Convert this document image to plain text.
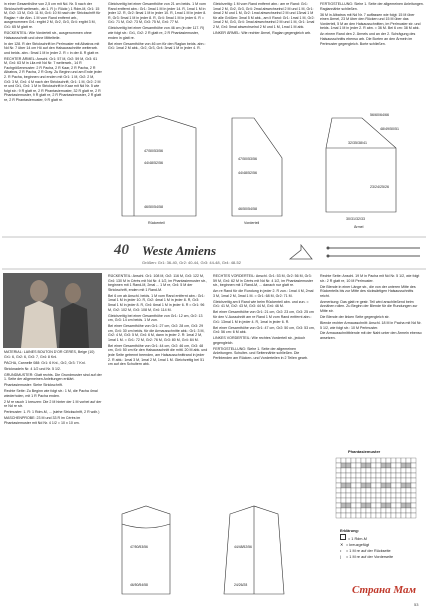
in einer Gesamthöhe von 2,5 cm mit Nd. Nr. 5 nach der Strickschrift weiterarb., ab 1. R (= Rückr.) 1 Rdm-M, Gr1: 15 M, Gr2: 13 M, Gr3: 11 M, Gr4: 10 M nach der Strickschrift für Raglan + die Abn. 1 M vom Rand entfernt arb., ausgenommen Gr1: ergibt 2 M, Gr2, Gr3, Gr4: ergibt 3 M, Gr1: 65 M glatt re.

RÜCKENTEIL: Wie Vorderteil str., ausgenommen ohne Halsausschnitt und ohne Mittelteile.

In der 128. R der Strickschrift im Perlmuster mit Albatros mit Nd Nr. 7 über 14 cm Hö auf den Halsausschnitte weiterarb. und beids. abn.: 5mal 1 M in jeder 2. R = in der 8. R glatt re.

RECHTER ÄRMEL: Anschl. Gr1: 57 M, Gr2: 59 M, Gr3: 61 M, Gr4: 63 M in Lila mit Nd Nr. 7 weiterarb., 14 R Fachgrößenmuster: 2 R Pacha, 2 R Kaar, 2 R Pacha, 2 R Albatros, 2 R Pacha, 2 R Gray. Zu Beginn und am Ende jeder 2. R Pacha, beginnen und enden mit Gr1: 1 M, Gr2: 2 M, Gr3: 3 M, Gr4: 4 M nach der Strickschrift, Gr1: 1 M, Gr2: 2 M re und Gr1, Gr4: 1 M in Strickschrift in Kaar mit Nd Nr. 5 wie folgt str.: 9 R glatt re, 2 R Phantasiemuster, 32 R glatt re, 2 R Phantasiemuster, 9 R glatt re, 2 R Phantasiemuster, 2 R glatt re, 2 R Phantasiemuster, 9 R glatt re.

Gleichzeitig bei einer Gesamthöhe von 21 cm beids. 1 M vom Rand entfernt abn.: Gr1: 3mal 1 M in jeder 14. R, 1mal 1 M in jeder 12. R, Gr2: 5mal 1 M in jeder 10. R, 1mal 1 M in jeder 8. R, Gr3: 5mal 1 M in jeder 8. R, Gr4: 5mal 1 M in jeder 6. R = Gr1: 71 M, Gr2: 73 M, Gr3: 75 M, Gr4: 77 M.

Gleichzeitig bei einer Gesamthöhe von 46 cm (in der 117. R) wie folgt str.: Gr1, Gr2: 2 R glatt re, 2 R Phantasiemuster, enden in glatt re.

Bei einer Gesamthöhe von 46 cm für den Raglan beids. abn.: Gr1: 1mal 2 M abk., Gr2, Gr3, Gr4: 3mal 1 M in jeder 4. R.

Gleichzeitig: 1 M vom Rand entfernt abn.: am re Rand: Gr1: 1mal 2 M, Gr2, Gr3, Gr4: 2mal abwechselnd 2 M und 1 M, Gr1: 4mal 2 M und 1 M, Gr2: 1mal abwechselnd 2 M und 13mal 1 M für alle Größen: 3mal 5 M abk., am li Rand: Gr1: 1mal 1 M, Gr2: 1mal 2 M, Gr3, Gr4: 3mal abwechselnd 2 M und 1 M, Gr1: 1mal 2 M, Gr4: 5mal abwechselnd 2 M und 1 M, 1mal 1 M abk.

LINKER ÄRMEL: Wie rechter Ärmel, Raglan gegengleich arb.

FERTIGSTELLUNG: Siehe 1. Seite der allgemeinen Anleitungen. Raglannähte schließen.

36 M in Albatros mit Nd Nr. 7 auffassen wie folgt: 15 M über einen Ärmel, 23 M über den Rücken und 15 M über das Vorderteil, 5 M an den Halsausschnitten, im Perlmuster str. und beids. 1mal 1 M in jeder 2. R abn. = 36 M. Bei 6 cm: 38 M abk.

An einem Rand den 2. Ärmels und an der 2. Schrägung des Halsausschnitts ebenso arb. Die Borten an den Ärmeln im Perlmuster gegengleich. Borte schließen.

44/48/52/56
47/50/53/56
46/50/54/58
Rückenteil
44/48/52/56
47/50/53/56
46/50/54/58
Vorderteil
56/60/64/66
48/49/50/51
32/35/38/41
23/24/25/26
30/31/32/33
Ärmel
40 Weste Amiens
Größen: Gr1: 36-40, Gr2: 40-44, Gr3: 44-48, Gr4: 48-52

MATERIAL: LAINES BOUTON D'OR CÉRÈS, Beige (10) Gr1: 6, Gr2: 6, Gr3: 7, Gr4: 8 Knl.

PACHA, Cannelle 088: Gr1: 6 Knl., Gr2, Gr3: 7 Knl.

Stricknadeln Nr. 4 1/2 und Nr. 5 1/2.

GRUNDMUSTER: Glatt rechts. Die Grundmuster sind auf der 1. Seite der allgemeinen Anleitungen erklärt.

Phantasiemuster: Siehe Strickschrift.

Rechte Seite: Zu Beginn wie folgt str.: 1 M, die Pacha 4mal wiederholen, mit 1 R Pacha enden.

2 M re rauch 1 kreuzen: Die 2 M hinter der 1 M vorbei auf der re Nd re str.

Perlmuster: 1. R: 1 Rdm-M, ... (siehe Strickschrift, 2 R wdh.)

MASCHENPROBE: 23 M und 33 R im Cérès im Phantasiemuster mit Nd Nr. 4 1/2 = 10 x 10 cm.

RÜCKENTEIL: Anschl. Gr1: 108 M, Gr2: 116 M, Gr3: 122 M, Gr4: 130 M in Cérès mit Nd Nr. 4 1/2, im Phantasiemuster str., beginnen mit 1 Rand-M, 2mal ... 1 M re, Gr4: 5 M der Strickschrift, enden mit 1 Rand-M.

Bei 6 cm ab Anschl. beids. 1 M vom Rand entfernt abn.: Gr1: 1mal 1 M in jeder 10. R, Gr2: 4mal 1 M in jeder 8. R, Gr3: 5mal 1 M in jeder 8. R, Gr4: 6mal 1 M in jeder 6. R = Gr1: 96 M, Gr2: 102 M, Gr3: 108 M, Gr4: 114 M.

Gleichzeitig bei einer Gesamthöhe von Gr1: 12 cm, Gr2: 13 cm, Gr3: 14 cm beids. 1 M zun.

Bei einer Gesamthöhe von Gr1: 27 cm, Gr2: 28 cm, Gr3: 29 cm, Gr4: 30 cm beids. für die Armausschnitte abk.: Gr1: 3 M, Gr2: 4 M, Gr3: 5 M, Gr4: 6 M, dann in jeder 2. R: 1mal 2 M, 1mal 1 M. = Gr1: 72 M, Gr2: 76 M, Gr3: 80 M, Gr4: 84 M.

Bei einer Gesamthöhe von Gr1: 44 cm, Gr2: 46 cm, Gr3: 48 cm, Gr4: 50 cm für den Halsausschnitt die mittl. 20 M abk. und jede Seite getrennt beenden, am Halsausschnittrand in jeder 2. R abk.: 1mal 3 M, 1mal 2 M, 1mal 1 M. Gleichzeitig bei 51 cm auf den Schultern abk.

RECHTES VORDERTEIL: Anschl. Gr1: 53 M, Gr2: 56 M, Gr3: 59 M, Gr4: 62 M in Cérès mit Nd Nr. 4 1/2, im Phantasiemuster str., beginnen mit 1 Rand-M, ... danach nur glatt re.

Am re Rand für die Rundung in jeder 2. R zun.: 1mal 4 M, 2mal 3 M, 1mal 2 M, 3mal 1 M. = Gr1: 68 M, Gr2: 71 M.

Gleichzeitig am li Rand wie beim Rückenteil abn. und zun. = Gr1: 41 M, Gr2: 43 M, Gr3: 44 M, Gr4: 46 M.

Bei einer Gesamthöhe von Gr1: 21 cm, Gr2: 23 cm, Gr3: 25 cm für den V-Ausschnitt am re Rand 1 M vom Rand entfernt abn.: Gr1: 13mal 1 M in jeder 4. R, 1mal in jeder 6. R.

Bei einer Gesamthöhe von Gr1: 47 cm, Gr2: 50 cm, Gr3: 53 cm, Gr4: 56 cm: 6 M abk.

LINKES VORDERTEIL: Wie rechtes Vorderteil str., jedoch gegengleich.

FERTIGSTELLUNG: Siehe 1. Seite der allgemeinen Anleitungen. Schulter- und Seitennähte schließen. Die Perlblenden am Rücken- und Vorderteilen in 2 Teilen gearb.

Rechte Seite: Anschl. 19 M in Pacha mit Nd Nr. 5 1/2, wie folgt str.: 2 R glatt re, 10 M Perlmuster.

Die Blende in einer Länge str., die von der unteren Mitte des Rückenteils bis zur Mitte des rückwärtigen Halsausschnitts reicht.

Anmerkung: Das glatt re gestr. Teil wird anschließend beim Annähen rollen. Zu Beginn der Blende für die Rundungen zur Mitte str.

Die Blende der linken Seite gegengleich str.

Blende rechter Armausschnitt: Anschl. 18 M in Pacha mit Nd Nr. 5 1/2, wie folgt str.: 10 M Perlmuster.

Die Armausschnittblende mit der Naht unter den Ärmeln ebenso ansetzen.

47/50/53/56
46/50/54/58
44/48/52/56
24/26/28
Phantasiemuster
Erklärung:
= 1 Rdm-M
✕ = kreuzgefügt
• = 1 M re auf der Rückseite
| = 1 M re auf der Vorderseite
Страна Мам
53
